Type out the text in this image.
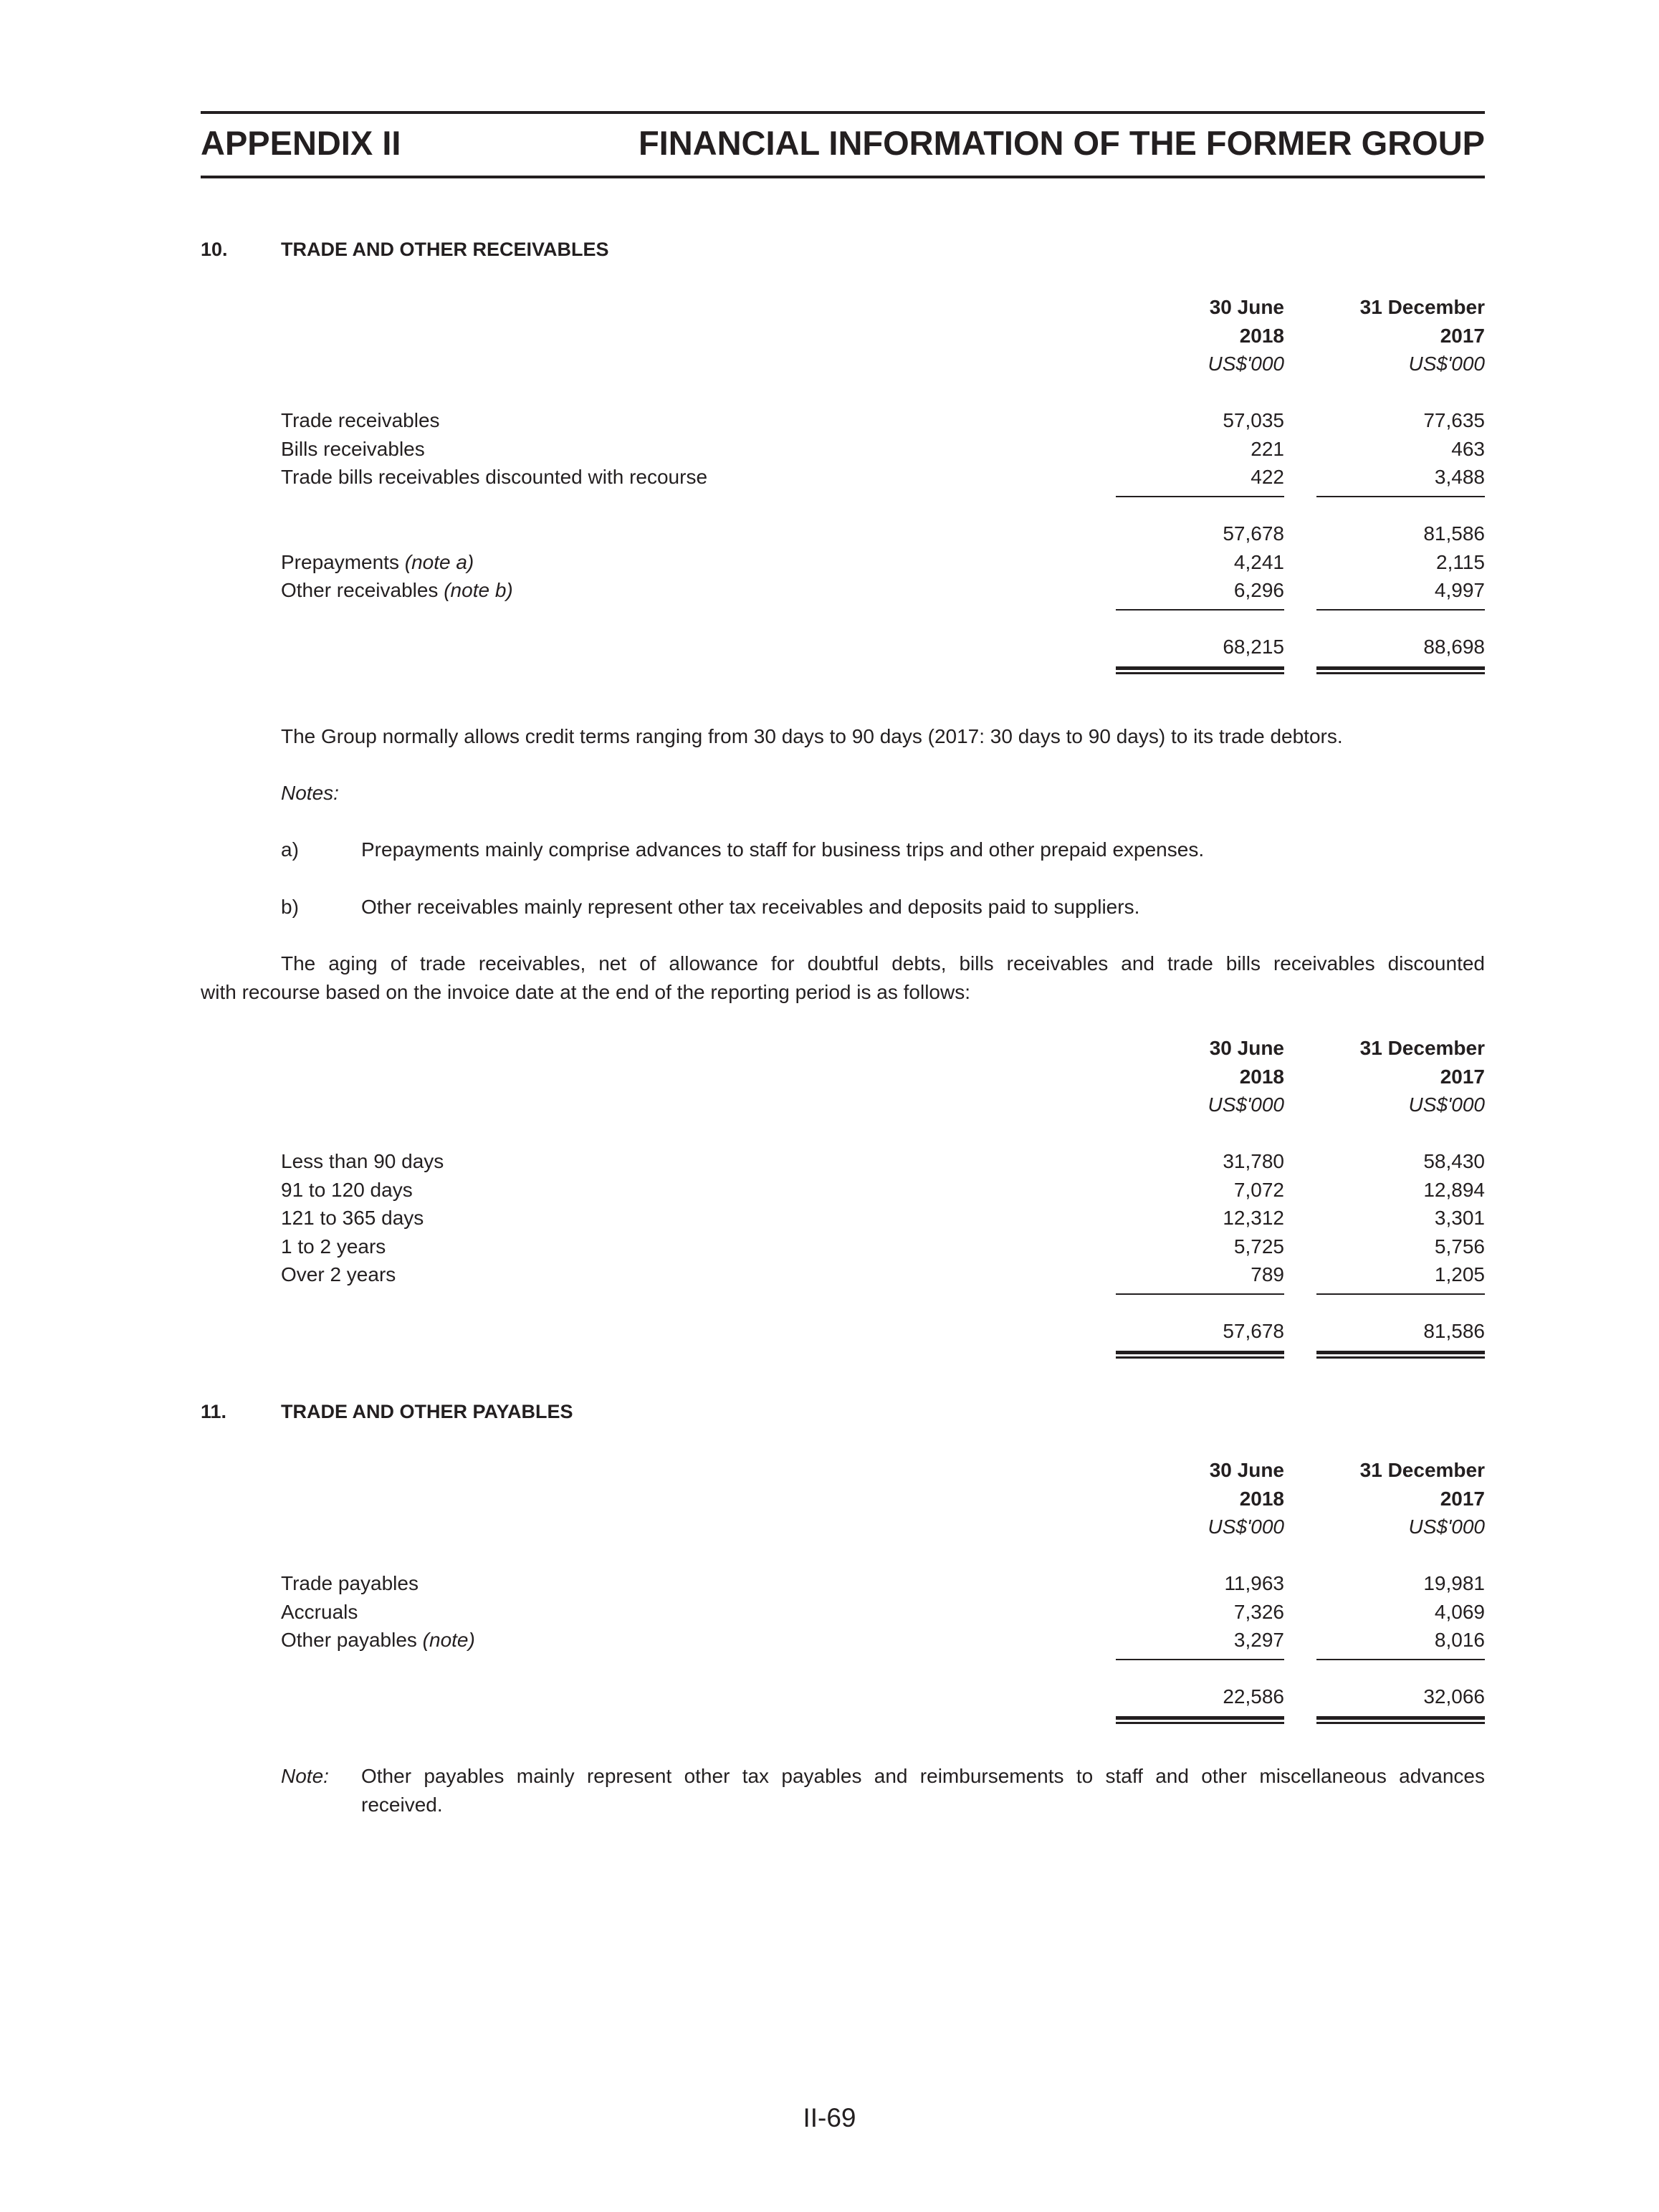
APPENDIX II	FINANCIAL INFORMATION OF THE FORMER GROUP
10.	TRADE AND OTHER RECEIVABLES
30 June	31 December
2018	2017
US$'000	US$'000
Trade receivables	57,035	77,635
Bills receivables	221	463
Trade bills receivables discounted with recourse	422	3,488
57,678	81,586
Prepayments (note a)	4,241	2,115
Other receivables (note b)	6,296	4,997
68,215	88,698
The Group normally allows credit terms ranging from 30 days to 90 days (2017: 30 days to 90 days) to its trade debtors.
Notes:
a)	Prepayments mainly comprise advances to staff for business trips and other prepaid expenses.
b)	Other receivables mainly represent other tax receivables and deposits paid to suppliers.
The aging of trade receivables, net of allowance for doubtful debts, bills receivables and trade bills receivables discounted
with recourse based on the invoice date at the end of the reporting period is as follows:
30 June	31 December
2018	2017
US$'000	US$'000
Less than 90 days	31,780	58,430
91 to 120 days	7,072	12,894
121 to 365 days	12,312	3,301
1 to 2 years	5,725	5,756
Over 2 years	789	1,205
57,678	81,586
11.	TRADE AND OTHER PAYABLES
30 June	31 December
2018	2017
US$'000	US$'000
Trade payables	11,963	19,981
Accruals	7,326	4,069
Other payables (note)	3,297	8,016
22,586	32,066
Note: Other payables mainly represent other tax payables and reimbursements to staff and other miscellaneous advances
received.
II-69
